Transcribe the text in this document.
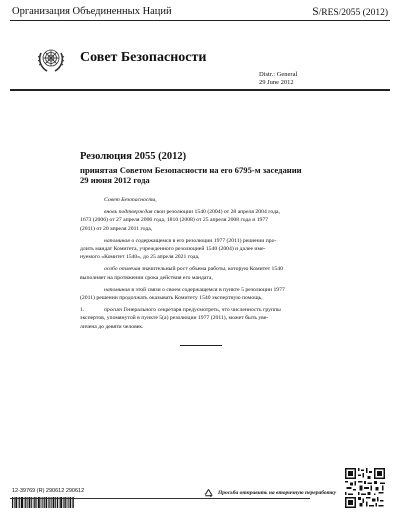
Организация Объединенных Наций	S/RES/2055 (2012)
Совет Безопасности
Distr.: General
29 June 2012
Резолюция 2055 (2012)
принятая Советом Безопасности на его 6795-м заседании
29 июня 2012 года
Совет Безопасности,
вновь подтверждая свои резолюции 1540 (2004) от 28 апреля 2004 года,
1673 (2006) от 27 апреля 2006 года, 1810 (2008) от 25 апреля 2008 года и 1977
(2011) от 20 апреля 2011 года,
напоминая о содержащемся в его резолюции 1977 (2011) решении про-
длить мандат Комитета, учрежденного резолюцией 1540 (2004) и далее име-
нуемого «Комитет 1540», до 25 апреля 2021 года,
особо отмечая значительный рост объема работы, которую Комитет 1540
выполняет на протяжении срока действия его мандата,
напоминая в этой связи о своем содержащемся в пункте 5 резолюции 1977
(2011) решении продолжать оказывать Комитету 1540 экспертную помощь,
1.	просит Генерального секретаря предусмотреть, что численность группы
экспертов, упомянутой в пункте 5(а) резолюции 1977 (2011), может быть уве-
личена до девяти человек.
12-39769 (R) 290612 290612	Просьба отправить на вторичную переработку
